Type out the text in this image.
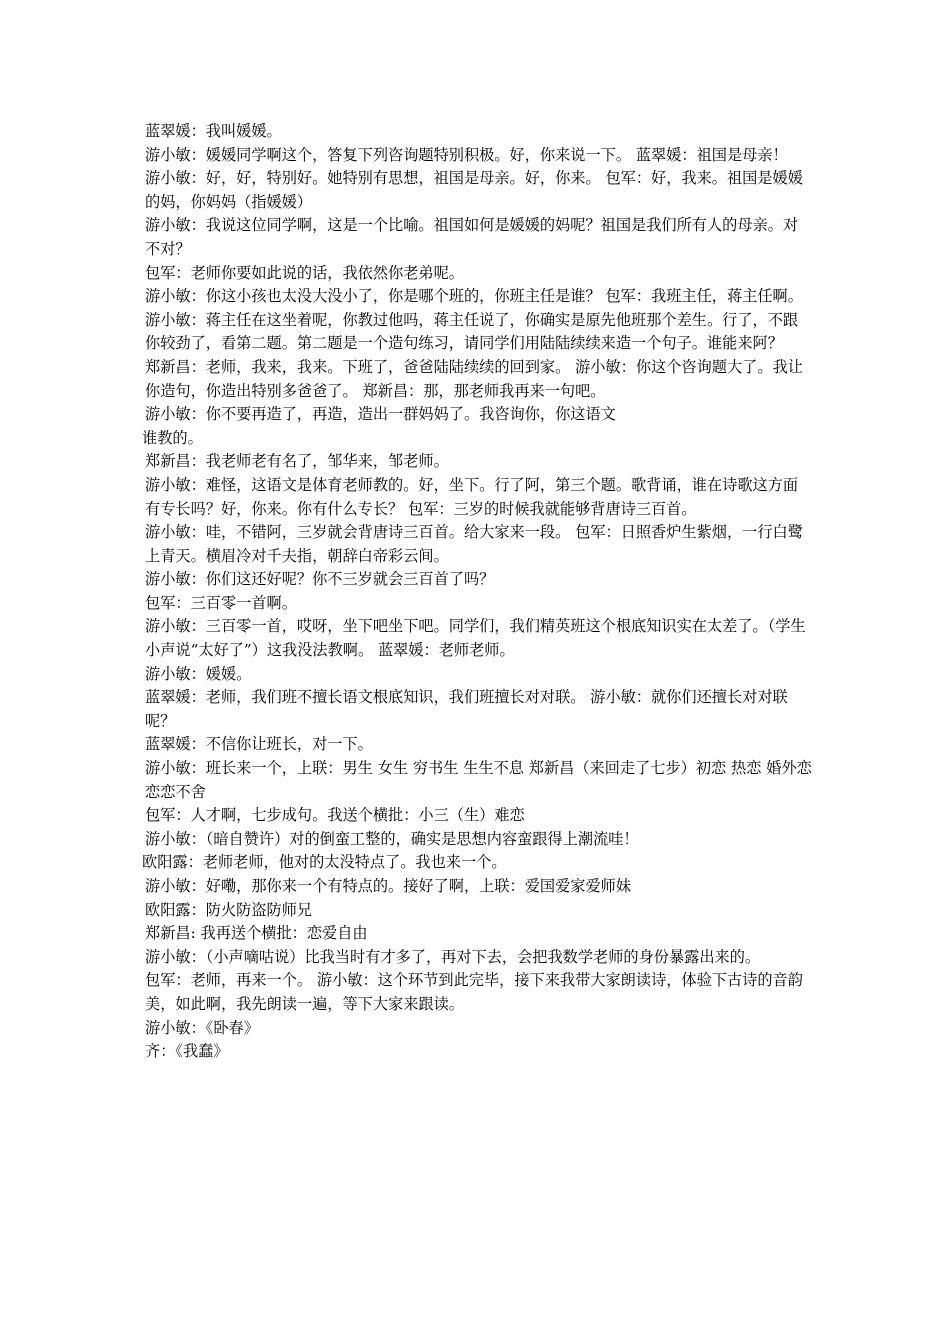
蓝翠媛：我叫媛媛。

游小敏：媛媛同学啊这个，答复下列咨询题特别积极。好，你来说一下。 蓝翠媛：祖国是母亲！

游小敏：好，好，特别好。她特别有思想，祖国是母亲。好，你来。 包军：好，我来。祖国是媛媛的妈，你妈妈（指媛媛）

游小敏：我说这位同学啊，这是一个比喻。祖国如何是媛媛的妈呢？祖国是我们所有人的母亲。对不对？

包军：老师你要如此说的话，我依然你老弟呢。

游小敏：你这小孩也太没大没小了，你是哪个班的，你班主任是谁？ 包军：我班主任，蒋主任啊。

游小敏：蒋主任在这坐着呢，你教过他吗，蒋主任说了，你确实是原先他班那个差生。行了，不跟你较劲了，看第二题。第二题是一个造句练习，请同学们用陆陆续续来造一个句子。谁能来阿？

郑新昌：老师，我来，我来。下班了，爸爸陆陆续续的回到家。 游小敏：你这个咨询题大了。我让你造句，你造出特别多爸爸了。 郑新昌：那，那老师我再来一句吧。

游小敏：你不要再造了，再造，造出一群妈妈了。我咨询你，你这语文

谁教的。

郑新昌：我老师老有名了，邹华来，邹老师。

游小敏：难怪，这语文是体育老师教的。好，坐下。行了阿，第三个题。歌背诵，谁在诗歌这方面有专长吗？好，你来。你有什么专长？ 包军：三岁的时候我就能够背唐诗三百首。

游小敏：哇，不错阿，三岁就会背唐诗三百首。给大家来一段。 包军：日照香炉生紫烟，一行白鹭上青天。横眉冷对千夫指，朝辞白帝彩云间。

游小敏：你们这还好呢？你不三岁就会三百首了吗？

包军：三百零一首啊。

游小敏：三百零一首，哎呀，坐下吧坐下吧。同学们，我们精英班这个根底知识实在太差了。（学生小声说“太好了”）这我没法教啊。 蓝翠媛：老师老师。

游小敏：媛媛。

蓝翠媛：老师，我们班不擅长语文根底知识，我们班擅长对对联。 游小敏：就你们还擅长对对联呢？

蓝翠媛：不信你让班长，对一下。

游小敏：班长来一个，上联：男生 女生 穷书生 生生不息 郑新昌（来回走了七步）初恋 热恋 婚外恋 恋恋不舍

包军：人才啊，七步成句。我送个横批：小三（生）难恋

游小敏：（暗自赞许）对的倒蛮工整的，确实是思想内容蛮跟得上潮流哇！

欧阳露：老师老师，他对的太没特点了。我也来一个。

游小敏：好嘞，那你来一个有特点的。接好了啊，上联：爱国爱家爱师妹

欧阳露：防火防盗防师兄

郑新昌: 我再送个横批：恋爱自由

游小敏：（小声嘀咕说）比我当时有才多了，再对下去，会把我数学老师的身份暴露出来的。

包军：老师，再来一个。 游小敏：这个环节到此完毕，接下来我带大家朗读诗，体验下古诗的音韵美，如此啊，我先朗读一遍，等下大家来跟读。

游小敏：《卧春》

齐：《我蠢》
